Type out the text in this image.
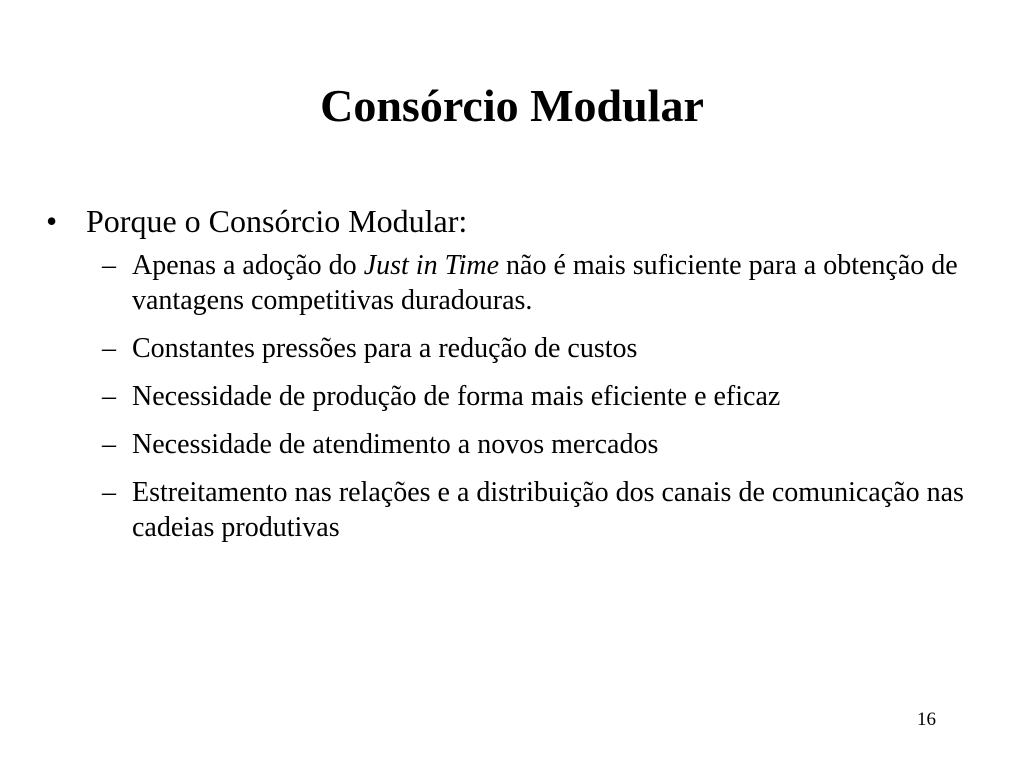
Consórcio Modular
• Porque o Consórcio Modular:
– Apenas a adoção do Just in Time não é mais suficiente para a obtenção de vantagens competitivas duradouras.
– Constantes pressões para a redução de custos
– Necessidade de produção de forma mais eficiente e eficaz
– Necessidade de atendimento a novos mercados
– Estreitamento nas relações e a distribuição dos canais de comunicação nas cadeias produtivas
16
